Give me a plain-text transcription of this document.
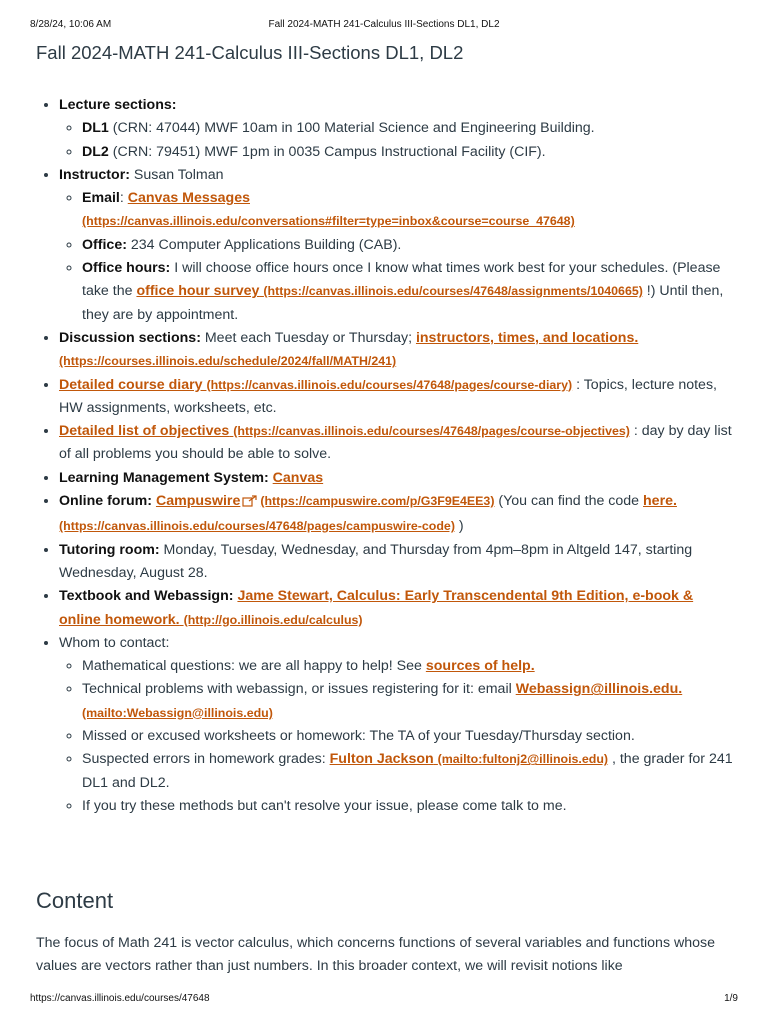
8/28/24, 10:06 AM	Fall 2024-MATH 241-Calculus III-Sections DL1, DL2
Fall 2024-MATH 241-Calculus III-Sections DL1, DL2
• Lecture sections:
◦ DL1 (CRN: 47044) MWF 10am in 100 Material Science and Engineering Building.
◦ DL2 (CRN: 79451) MWF 1pm in 0035 Campus Instructional Facility (CIF).
• Instructor: Susan Tolman
◦ Email: Canvas Messages
(https://canvas.illinois.edu/conversations#filter=type=inbox&course=course_47648)
◦ Office: 234 Computer Applications Building (CAB).
◦ Office hours: I will choose office hours once I know what times work best for your schedules. (Please take the office hour survey (https://canvas.illinois.edu/courses/47648/assignments/1040665) !) Until then, they are by appointment.
• Discussion sections: Meet each Tuesday or Thursday; instructors, times, and locations.
(https://courses.illinois.edu/schedule/2024/fall/MATH/241)
• Detailed course diary (https://canvas.illinois.edu/courses/47648/pages/course-diary) : Topics, lecture notes, HW assignments, worksheets, etc.
• Detailed list of objectives (https://canvas.illinois.edu/courses/47648/pages/course-objectives) : day by day list of all problems you should be able to solve.
• Learning Management System: Canvas
• Online forum: Campuswire (https://campuswire.com/p/G3F9E4EE3) (You can find the code here.
(https://canvas.illinois.edu/courses/47648/pages/campuswire-code) )
• Tutoring room: Monday, Tuesday, Wednesday, and Thursday from 4pm–8pm in Altgeld 147, starting Wednesday, August 28.
• Textbook and Webassign: Jame Stewart, Calculus: Early Transcendental 9th Edition, e-book & online homework. (http://go.illinois.edu/calculus)
• Whom to contact:
◦ Mathematical questions: we are all happy to help! See sources of help.
◦ Technical problems with webassign, or issues registering for it: email Webassign@illinois.edu.
(mailto:Webassign@illinois.edu)
◦ Missed or excused worksheets or homework: The TA of your Tuesday/Thursday section.
◦ Suspected errors in homework grades: Fulton Jackson (mailto:fultonj2@illinois.edu) , the grader for 241 DL1 and DL2.
◦ If you try these methods but can't resolve your issue, please come talk to me.
Content

The focus of Math 241 is vector calculus, which concerns functions of several variables and functions whose values are vectors rather than just numbers. In this broader context, we will revisit notions like

https://canvas.illinois.edu/courses/47648	1/9
